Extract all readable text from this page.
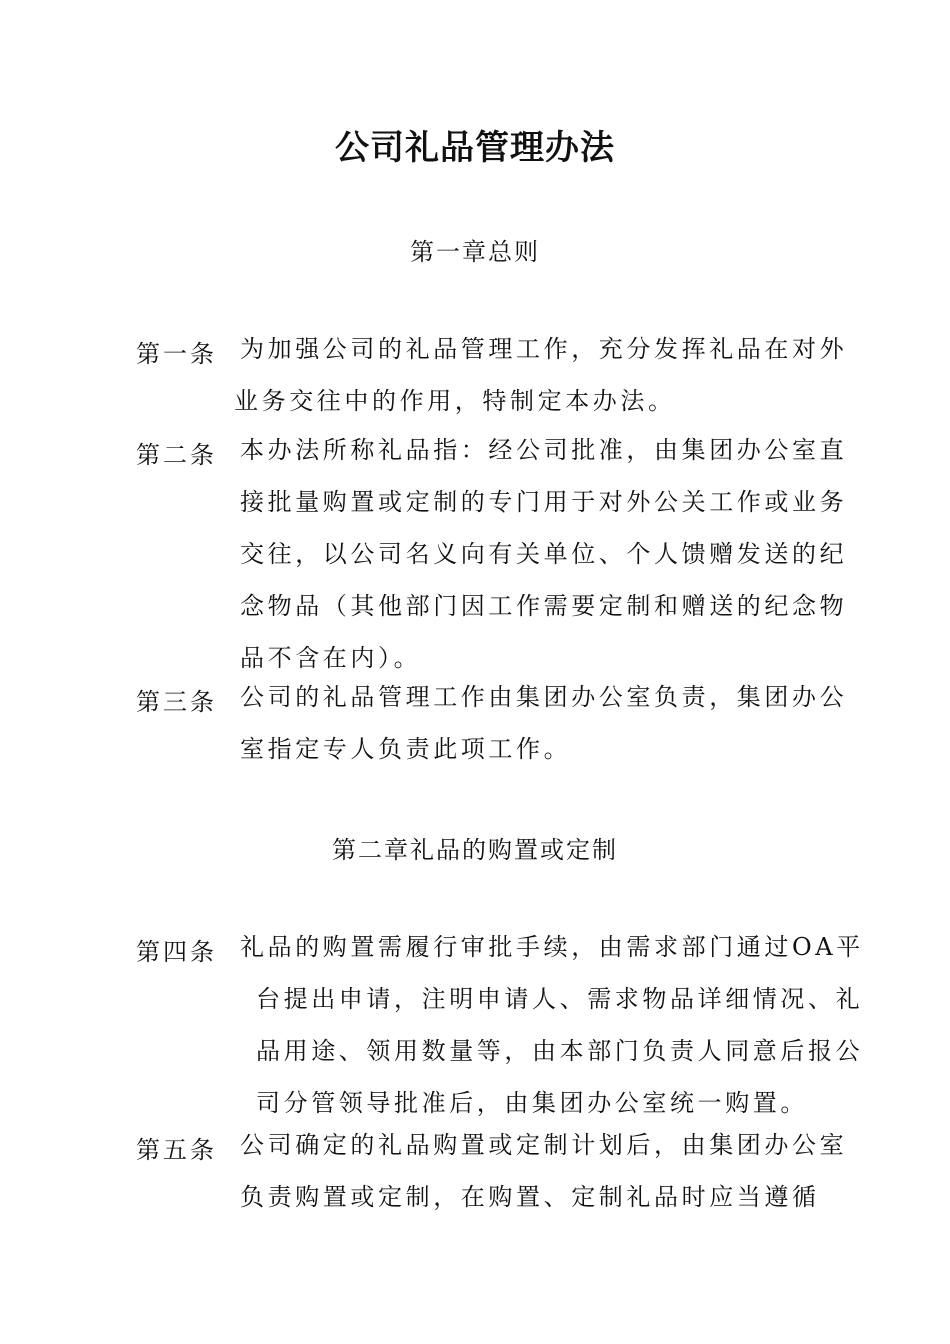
公司礼品管理办法
第一章总则
第一条 为加强公司的礼品管理工作，充分发挥礼品在对外
业务交往中的作用，特制定本办法。
第二条 本办法所称礼品指：经公司批准，由集团办公室直
接批量购置或定制的专门用于对外公关工作或业务
交往，以公司名义向有关单位、个人馈赠发送的纪
念物品（其他部门因工作需要定制和赠送的纪念物
品不含在内）。
第三条 公司的礼品管理工作由集团办公室负责，集团办公
室指定专人负责此项工作。
第二章礼品的购置或定制
第四条 礼品的购置需履行审批手续，由需求部门通过OA平
台提出申请，注明申请人、需求物品详细情况、礼
品用途、领用数量等，由本部门负责人同意后报公
司分管领导批准后，由集团办公室统一购置。
第五条 公司确定的礼品购置或定制计划后，由集团办公室
负责购置或定制，在购置、定制礼品时应当遵循
